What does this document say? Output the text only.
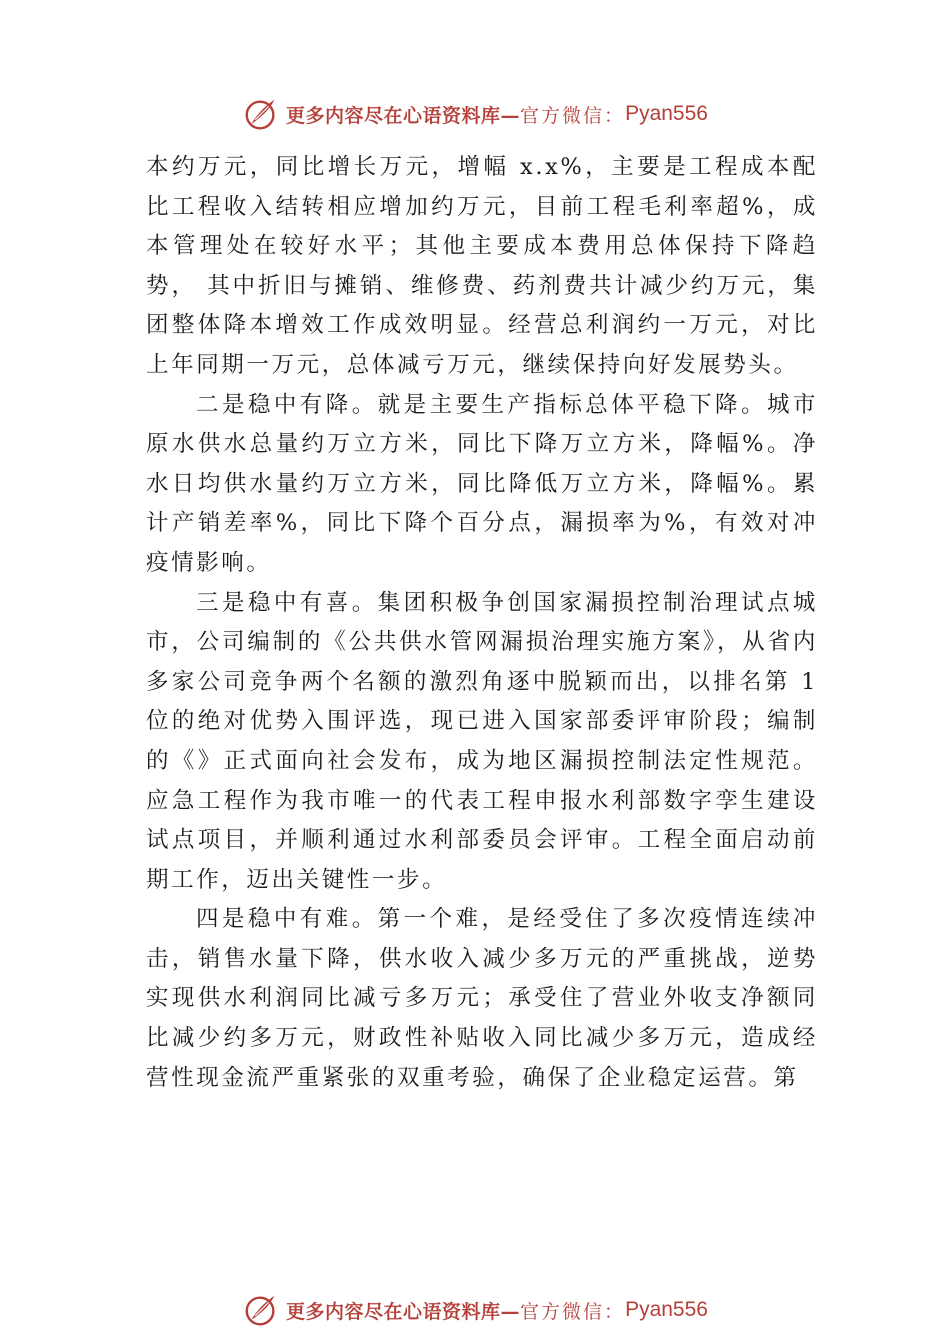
更多内容尽在心语资料库— 官方微信： Pyan556

本约万元，同比增长万元，增幅 x.x%，主要是工程成本配比工程收入结转相应增加约万元，目前工程毛利率超%，成本管理处在较好水平；其他主要成本费用总体保持下降趋势， 其中折旧与摊销、维修费、药剂费共计减少约万元，集团整体降本增效工作成效明显。经营总利润约一万元，对比上年同期一万元，总体减亏万元，继续保持向好发展势头。

二是稳中有降。就是主要生产指标总体平稳下降。城市原水供水总量约万立方米，同比下降万立方米，降幅%。净水日均供水量约万立方米，同比降低万立方米，降幅%。累计产销差率%，同比下降个百分点，漏损率为%，有效对冲疫情影响。

三是稳中有喜。集团积极争创国家漏损控制治理试点城市，公司编制的《公共供水管网漏损治理实施方案》，从省内多家公司竞争两个名额的激烈角逐中脱颖而出，以排名第 1 位的绝对优势入围评选，现已进入国家部委评审阶段；编制的《》正式面向社会发布，成为地区漏损控制法定性规范。 应急工程作为我市唯一的代表工程申报水利部数字孪生建设试点项目，并顺利通过水利部委员会评审。工程全面启动前期工作，迈出关键性一步。

四是稳中有难。第一个难，是经受住了多次疫情连续冲击，销售水量下降，供水收入减少多万元的严重挑战，逆势实现供水利润同比减亏多万元；承受住了营业外收支净额同比减少约多万元，财政性补贴收入同比减少多万元，造成经营性现金流严重紧张的双重考验，确保了企业稳定运营。第

更多内容尽在心语资料库— 官方微信： Pyan556
